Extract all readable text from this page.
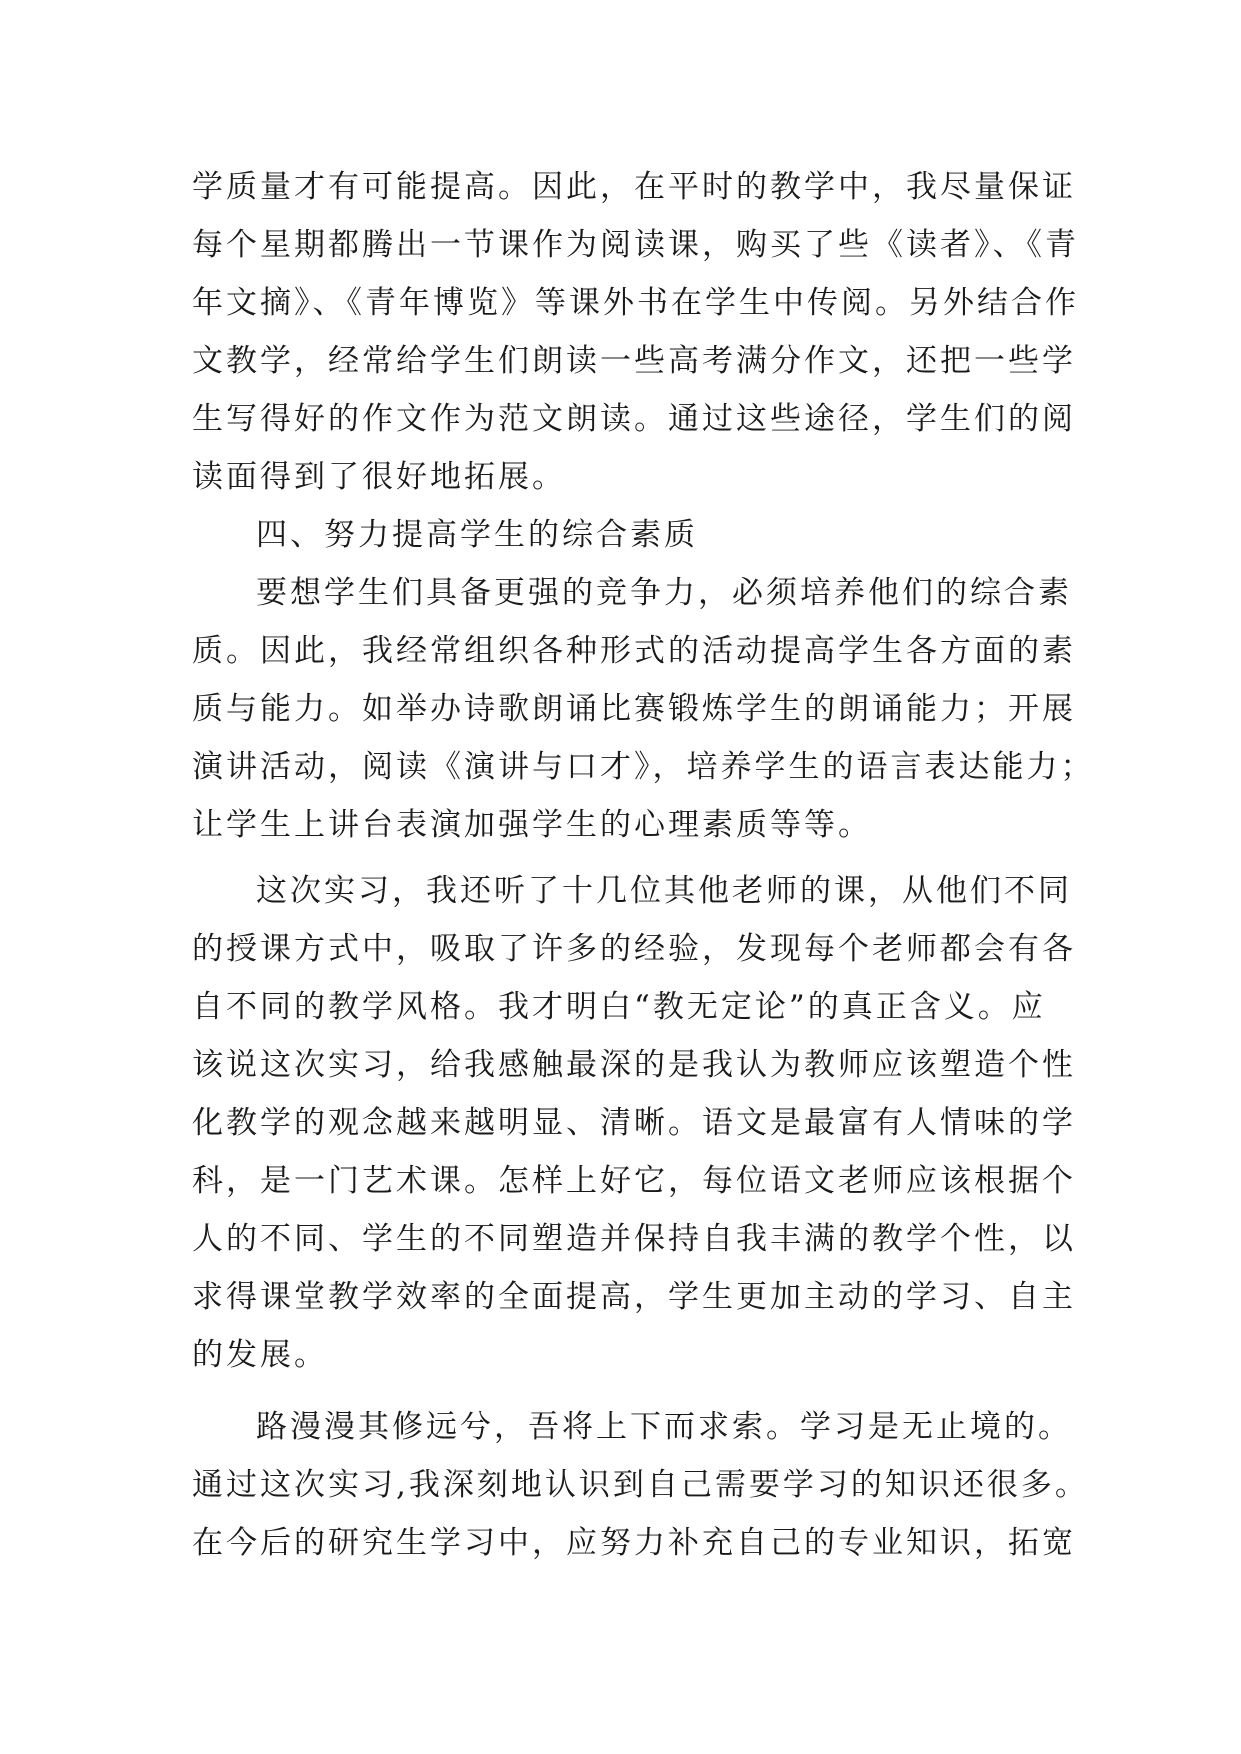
学质量才有可能提高。因此，在平时的教学中，我尽量保证
每个星期都腾出一节课作为阅读课，购买了些《读者》、《青
年文摘》、《青年博览》等课外书在学生中传阅。另外结合作
文教学，经常给学生们朗读一些高考满分作文，还把一些学
生写得好的作文作为范文朗读。通过这些途径，学生们的阅
读面得到了很好地拓展。
四、努力提高学生的综合素质
要想学生们具备更强的竞争力，必须培养他们的综合素
质。因此，我经常组织各种形式的活动提高学生各方面的素
质与能力。如举办诗歌朗诵比赛锻炼学生的朗诵能力；开展
演讲活动，阅读《演讲与口才》，培养学生的语言表达能力；
让学生上讲台表演加强学生的心理素质等等。
这次实习，我还听了十几位其他老师的课，从他们不同
的授课方式中，吸取了许多的经验，发现每个老师都会有各
自不同的教学风格。我才明白“教无定论”的真正含义。应
该说这次实习，给我感触最深的是我认为教师应该塑造个性
化教学的观念越来越明显、清晰。语文是最富有人情味的学
科，是一门艺术课。怎样上好它，每位语文老师应该根据个
人的不同、学生的不同塑造并保持自我丰满的教学个性，以
求得课堂教学效率的全面提高，学生更加主动的学习、自主
的发展。
路漫漫其修远兮，吾将上下而求索。学习是无止境的。
通过这次实习,我深刻地认识到自己需要学习的知识还很多。
在今后的研究生学习中，应努力补充自己的专业知识，拓宽
